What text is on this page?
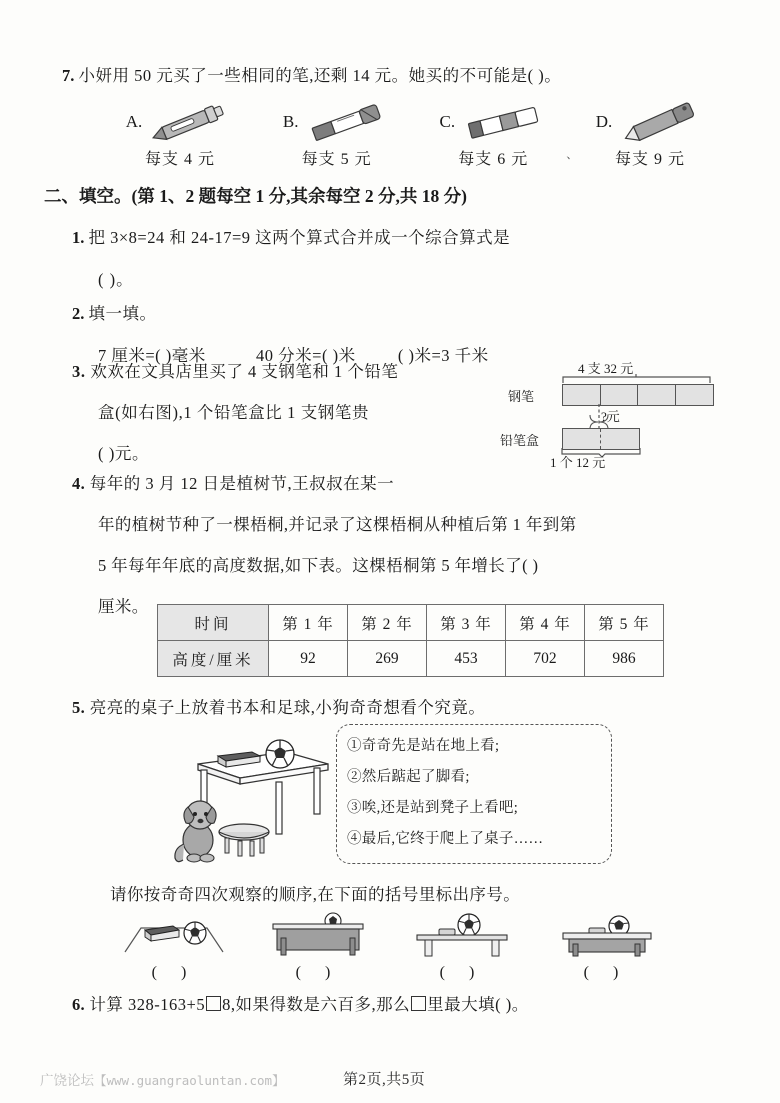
7. 小妍用 50 元买了一些相同的笔,还剩 14 元。她买的不可能是( )。
A.
每支 4 元
B.
每支 5 元
C.
每支 6 元	、
D.
每支 9 元
二、填空。(第 1、2 题每空 1 分,其余每空 2 分,共 18 分)
1. 把 3×8=24 和 24-17=9 这两个算式合并成一个综合算式是
( )。
2. 填一填。
7 厘米=( )毫米	40 分米=( )米	( )米=3 千米
3. 欢欢在文具店里买了 4 支钢笔和 1 个铅笔
盒(如右图),1 个铅笔盒比 1 支钢笔贵
( )元。
4 支 32 元
钢笔
?元
铅笔盒
1 个 12 元
4. 每年的 3 月 12 日是植树节,王叔叔在某一
年的植树节种了一棵梧桐,并记录了这棵梧桐从种植后第 1 年到第
5 年每年年底的高度数据,如下表。这棵梧桐第 5 年增长了( )
厘米。
时间	第 1 年	第 2 年	第 3 年	第 4 年	第 5 年
高度/厘米	92	269	453	702	986
5. 亮亮的桌子上放着书本和足球,小狗奇奇想看个究竟。
①奇奇先是站在地上看;
②然后踮起了脚看;
③唉,还是站到凳子上看吧;
④最后,它终于爬上了桌子……
请你按奇奇四次观察的顺序,在下面的括号里标出序号。
( )	( )	( )	( )
6. 计算 328-163+5 8,如果得数是六百多,那么 里最大填( )。
广饶论坛【www.guangraoluntan.com】	第2页,共5页
